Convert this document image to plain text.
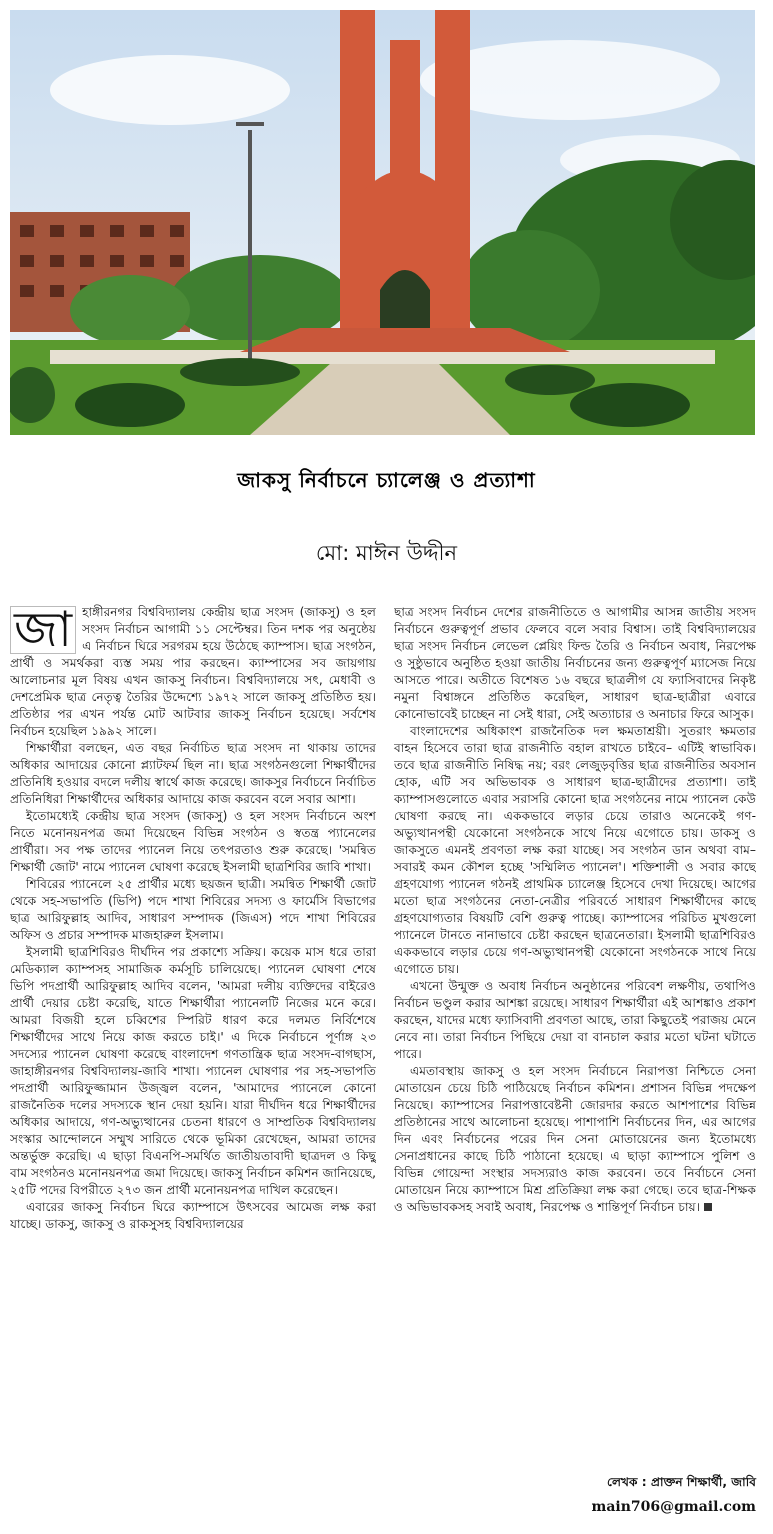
জাকসু নির্বাচনে চ্যালেঞ্জ ও প্রত্যাশা
মো: মাঈন উদ্দীন

জা হাঙ্গীরনগর বিশ্ববিদ্যালয় কেন্দ্রীয় ছাত্র সংসদ (জাকসু) ও হল সংসদ নির্বাচন আগামী ১১ সেপ্টেম্বর। তিন দশক পর অনুষ্ঠেয় এ নির্বাচন ঘিরে সরগরম হয়ে উঠেছে ক্যাম্পাস। ছাত্র সংগঠন, প্রার্থী ও সমর্থকরা ব্যস্ত সময় পার করছেন। ক্যাম্পাসের সব জায়গায় আলোচনার মূল বিষয় এখন জাকসু নির্বাচন। বিশ্ববিদ্যালয়ে সৎ, মেধাবী ও দেশপ্রেমিক ছাত্র নেতৃত্ব তৈরির উদ্দেশ্যে ১৯৭২ সালে জাকসু প্রতিষ্ঠিত হয়। প্রতিষ্ঠার পর এখন পর্যন্ত মোট আটবার জাকসু নির্বাচন হয়েছে। সর্বশেষ নির্বাচন হয়েছিল ১৯৯২ সালে।

শিক্ষার্থীরা বলছেন, এত বছর নির্বাচিত ছাত্র সংসদ না থাকায় তাদের অধিকার আদায়ের কোনো প্ল্যাটফর্ম ছিল না। ছাত্র সংগঠনগুলো শিক্ষার্থীদের প্রতিনিধি হওয়ার বদলে দলীয় স্বার্থে কাজ করেছে। জাকসুর নির্বাচনে নির্বাচিত প্রতিনিধিরা শিক্ষার্থীদের অধিকার আদায়ে কাজ করবেন বলে সবার আশা।

ইতোমধ্যেই কেন্দ্রীয় ছাত্র সংসদ (জাকসু) ও হল সংসদ নির্বাচনে অংশ নিতে মনোনয়নপত্র জমা দিয়েছেন বিভিন্ন সংগঠন ও স্বতন্ত্র প্যানেলের প্রার্থীরা। সব পক্ষ তাদের প্যানেল নিয়ে তৎপরতাও শুরু করেছে। 'সমন্বিত শিক্ষার্থী জোট' নামে প্যানেল ঘোষণা করেছে ইসলামী ছাত্রশিবির জাবি শাখা।

শিবিরের প্যানেলে ২৫ প্রার্থীর মধ্যে ছয়জন ছাত্রী। সমন্বিত শিক্ষার্থী জোট থেকে সহ-সভাপতি (ভিপি) পদে শাখা শিবিরের সদস্য ও ফার্মেসি বিভাগের ছাত্র আরিফুল্লাহ আদিব, সাধারণ সম্পাদক (জিএস) পদে শাখা শিবিরের অফিস ও প্রচার সম্পাদক মাজহারুল ইসলাম।

ইসলামী ছাত্রশিবিরও দীর্ঘদিন পর প্রকাশ্যে সক্রিয়। কয়েক মাস ধরে তারা মেডিক্যাল ক্যাম্পসহ সামাজিক কর্মসূচি চালিয়েছে। প্যানেল ঘোষণা শেষে ভিপি পদপ্রার্থী আরিফুল্লাহ আদিব বলেন, 'আমরা দলীয় ব্যক্তিদের বাইরেও প্রার্থী দেয়ার চেষ্টা করেছি, যাতে শিক্ষার্থীরা প্যানেলটি নিজের মনে করে। আমরা বিজয়ী হলে চব্বিশের স্পিরিট ধারণ করে দলমত নির্বিশেষে শিক্ষার্থীদের সাথে নিয়ে কাজ করতে চাই।' এ দিকে নির্বাচনে পূর্ণাঙ্গ ২৩ সদস্যের প্যানেল ঘোষণা করেছে বাংলাদেশ গণতান্ত্রিক ছাত্র সংসদ-বাগছাস, জাহাঙ্গীরনগর বিশ্ববিদ্যালয়-জাবি শাখা। প্যানেল ঘোষণার পর সহ-সভাপতি পদপ্রার্থী আরিফুজ্জামান উজ্জ্বল বলেন, 'আমাদের প্যানেলে কোনো রাজনৈতিক দলের সদস্যকে স্থান দেয়া হয়নি। যারা দীর্ঘদিন ধরে শিক্ষার্থীদের অধিকার আদায়ে, গণ-অভ্যুত্থানের চেতনা ধারণে ও সাম্প্রতিক বিশ্ববিদ্যালয় সংস্কার আন্দোলনে সম্মুখ সারিতে থেকে ভূমিকা রেখেছেন, আমরা তাদের অন্তর্ভুক্ত করেছি। এ ছাড়া বিএনপি-সমর্থিত জাতীয়তাবাদী ছাত্রদল ও কিছু বাম সংগঠনও মনোনয়নপত্র জমা দিয়েছে। জাকসু নির্বাচন কমিশন জানিয়েছে, ২৫টি পদের বিপরীতে ২৭৩ জন প্রার্থী মনোনয়নপত্র দাখিল করেছেন।

এবারের জাকসু নির্বাচন ঘিরে ক্যাম্পাসে উৎসবের আমেজ লক্ষ করা যাচ্ছে। ডাকসু, জাকসু ও রাকসুসহ বিশ্ববিদ্যালয়ের

ছাত্র সংসদ নির্বাচন দেশের রাজনীতিতে ও আগামীর আসন্ন জাতীয় সংসদ নির্বাচনে গুরুত্বপূর্ণ প্রভাব ফেলবে বলে সবার বিশ্বাস। তাই বিশ্ববিদ্যালয়ের ছাত্র সংসদ নির্বাচন লেভেল প্লেয়িং ফিল্ড তৈরি ও নির্বাচন অবাধ, নিরপেক্ষ ও সুষ্ঠুভাবে অনুষ্ঠিত হওয়া জাতীয় নির্বাচনের জন্য গুরুত্বপূর্ণ ম্যাসেজ নিয়ে আসতে পারে। অতীতে বিশেষত ১৬ বছরে ছাত্রলীগ যে ফ্যাসিবাদের নিকৃষ্ট নমুনা বিশ্বাঙ্গনে প্রতিষ্ঠিত করেছিল, সাধারণ ছাত্র-ছাত্রীরা এবারে কোনোভাবেই চাচ্ছেন না সেই ধারা, সেই অত্যাচার ও অনাচার ফিরে আসুক।

বাংলাদেশের অধিকাংশ রাজনৈতিক দল ক্ষমতাশ্রয়ী। সুতরাং ক্ষমতার বাহন হিসেবে তারা ছাত্র রাজনীতি বহাল রাখতে চাইবে– এটিই স্বাভাবিক। তবে ছাত্র রাজনীতি নিষিদ্ধ নয়; বরং লেজুড়বৃত্তির ছাত্র রাজনীতির অবসান হোক, এটি সব অভিভাবক ও সাধারণ ছাত্র-ছাত্রীদের প্রত্যাশা। তাই ক্যাম্পাসগুলোতে এবার সরাসরি কোনো ছাত্র সংগঠনের নামে প্যানেল কেউ ঘোষণা করছে না। এককভাবে লড়ার চেয়ে তারাও অনেকেই গণ-অভ্যুত্থানপন্থী যেকোনো সংগঠনকে সাথে নিয়ে এগোতে চায়। ডাকসু ও জাকসুতে এমনই প্রবণতা লক্ষ করা যাচ্ছে। সব সংগঠন ডান অথবা বাম– সবারই কমন কৌশল হচ্ছে 'সম্মিলিত প্যানেল'। শক্তিশালী ও সবার কাছে গ্রহণযোগ্য প্যানেল গঠনই প্রাথমিক চ্যালেঞ্জ হিসেবে দেখা দিয়েছে। আগের মতো ছাত্র সংগঠনের নেতা-নেত্রীর পরিবর্তে সাধারণ শিক্ষার্থীদের কাছে গ্রহণযোগ্যতার বিষয়টি বেশি গুরুত্ব পাচ্ছে। ক্যাম্পাসের পরিচিত মুখগুলো প্যানেলে টানতে নানাভাবে চেষ্টা করছেন ছাত্রনেতারা। ইসলামী ছাত্রশিবিরও এককভাবে লড়ার চেয়ে গণ-অভ্যুত্থানপন্থী যেকোনো সংগঠনকে সাথে নিয়ে এগোতে চায়।

এখনো উন্মুক্ত ও অবাধ নির্বাচন অনুষ্ঠানের পরিবেশ লক্ষণীয়, তথাপিও নির্বাচন ভণ্ডুল করার আশঙ্কা রয়েছে। সাধারণ শিক্ষার্থীরা এই আশঙ্কাও প্রকাশ করছেন, যাদের মধ্যে ফ্যাসিবাদী প্রবণতা আছে, তারা কিছুতেই পরাজয় মেনে নেবে না। তারা নির্বাচন পিছিয়ে দেয়া বা বানচাল করার মতো ঘটনা ঘটাতে পারে।

এমতাবস্থায় জাকসু ও হল সংসদ নির্বাচনে নিরাপত্তা নিশ্চিতে সেনা মোতায়েন চেয়ে চিঠি পাঠিয়েছে নির্বাচন কমিশন। প্রশাসন বিভিন্ন পদক্ষেপ নিয়েছে। ক্যাম্পাসের নিরাপত্তাবেষ্টনী জোরদার করতে আশপাশের বিভিন্ন প্রতিষ্ঠানের সাথে আলোচনা হয়েছে। পাশাপাশি নির্বাচনের দিন, এর আগের দিন এবং নির্বাচনের পরের দিন সেনা মোতায়েনের জন্য ইতোমধ্যে সেনাপ্রধানের কাছে চিঠি পাঠানো হয়েছে। এ ছাড়া ক্যাম্পাসে পুলিশ ও বিভিন্ন গোয়েন্দা সংস্থার সদস্যরাও কাজ করবেন। তবে নির্বাচনে সেনা মোতায়েন নিয়ে ক্যাম্পাসে মিশ্র প্রতিক্রিয়া লক্ষ করা গেছে। তবে ছাত্র-শিক্ষক ও অভিভাবকসহ সবাই অবাধ, নিরপেক্ষ ও শান্তিপূর্ণ নির্বাচন চায়।

লেখক : প্রাক্তন শিক্ষার্থী, জাবি
main706@gmail.com
